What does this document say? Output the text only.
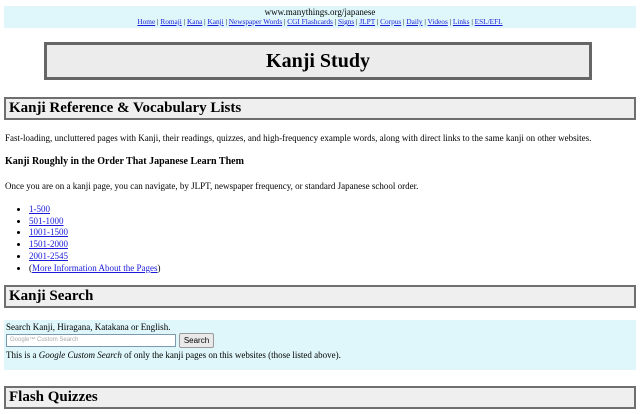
www.manythings.org/japanese
Home | Romaji | Kana | Kanji | Newspaper Words | CGI Flashcards | Signs | JLPT | Corpus | Daily | Videos | Links | ESL/EFL
Kanji Study
Kanji Reference & Vocabulary Lists
Fast-loading, uncluttered pages with Kanji, their readings, quizzes, and high-frequency example words, along with direct links to the same kanji on other websites.
Kanji Roughly in the Order That Japanese Learn Them
Once you are on a kanji page, you can navigate, by JLPT, newspaper frequency, or standard Japanese school order.
• 1-500
• 501-1000
• 1001-1500
• 1501-2000
• 2001-2545
• (More Information About the Pages)
Kanji Search
Search Kanji, Hiragana, Katakana or English.
Google™ Custom Search	Search
This is a Google Custom Search of only the kanji pages on this websites (those listed above).
Flash Quizzes
